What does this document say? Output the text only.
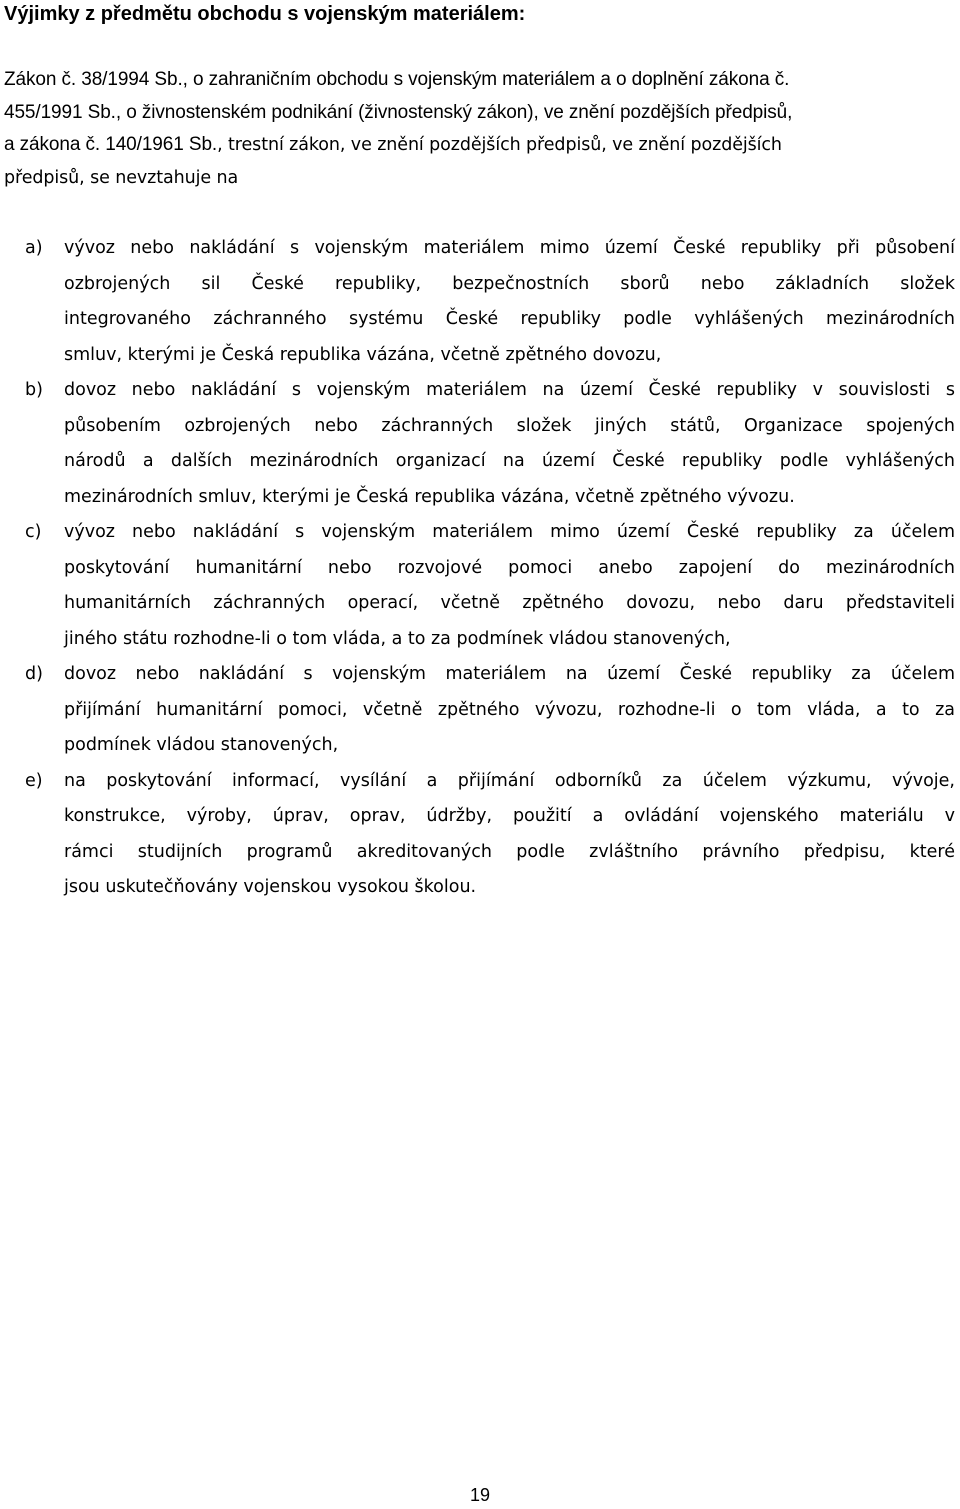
Výjimky z předmětu obchodu s vojenským materiálem:

Zákon č. 38/1994 Sb., o zahraničním obchodu s vojenským materiálem a o doplnění zákona č.
455/1991 Sb., o živnostenském podnikání (živnostenský zákon), ve znění pozdějších předpisů,
a zákona č. 140/1961 Sb., trestní zákon, ve znění pozdějších předpisů, ve znění pozdějších
předpisů, se nevztahuje na

a) vývoz nebo nakládání s vojenským materiálem mimo území České republiky při působení
ozbrojených sil České republiky, bezpečnostních sborů nebo základních složek
integrovaného záchranného systému České republiky podle vyhlášených mezinárodních
smluv, kterými je Česká republika vázána, včetně zpětného dovozu,
b) dovoz nebo nakládání s vojenským materiálem na území České republiky v souvislosti s
působením ozbrojených nebo záchranných složek jiných států, Organizace spojených
národů a dalších mezinárodních organizací na území České republiky podle vyhlášených
mezinárodních smluv, kterými je Česká republika vázána, včetně zpětného vývozu.
c) vývoz nebo nakládání s vojenským materiálem mimo území České republiky za účelem
poskytování humanitární nebo rozvojové pomoci anebo zapojení do mezinárodních
humanitárních záchranných operací, včetně zpětného dovozu, nebo daru představiteli
jiného státu rozhodne-li o tom vláda, a to za podmínek vládou stanovených,
d) dovoz nebo nakládání s vojenským materiálem na území České republiky za účelem
přijímání humanitární pomoci, včetně zpětného vývozu, rozhodne-li o tom vláda, a to za
podmínek vládou stanovených,
e) na poskytování informací, vysílání a přijímání odborníků za účelem výzkumu, vývoje,
konstrukce, výroby, úprav, oprav, údržby, použití a ovládání vojenského materiálu v
rámci studijních programů akreditovaných podle zvláštního právního předpisu, které
jsou uskutečňovány vojenskou vysokou školou.
19
